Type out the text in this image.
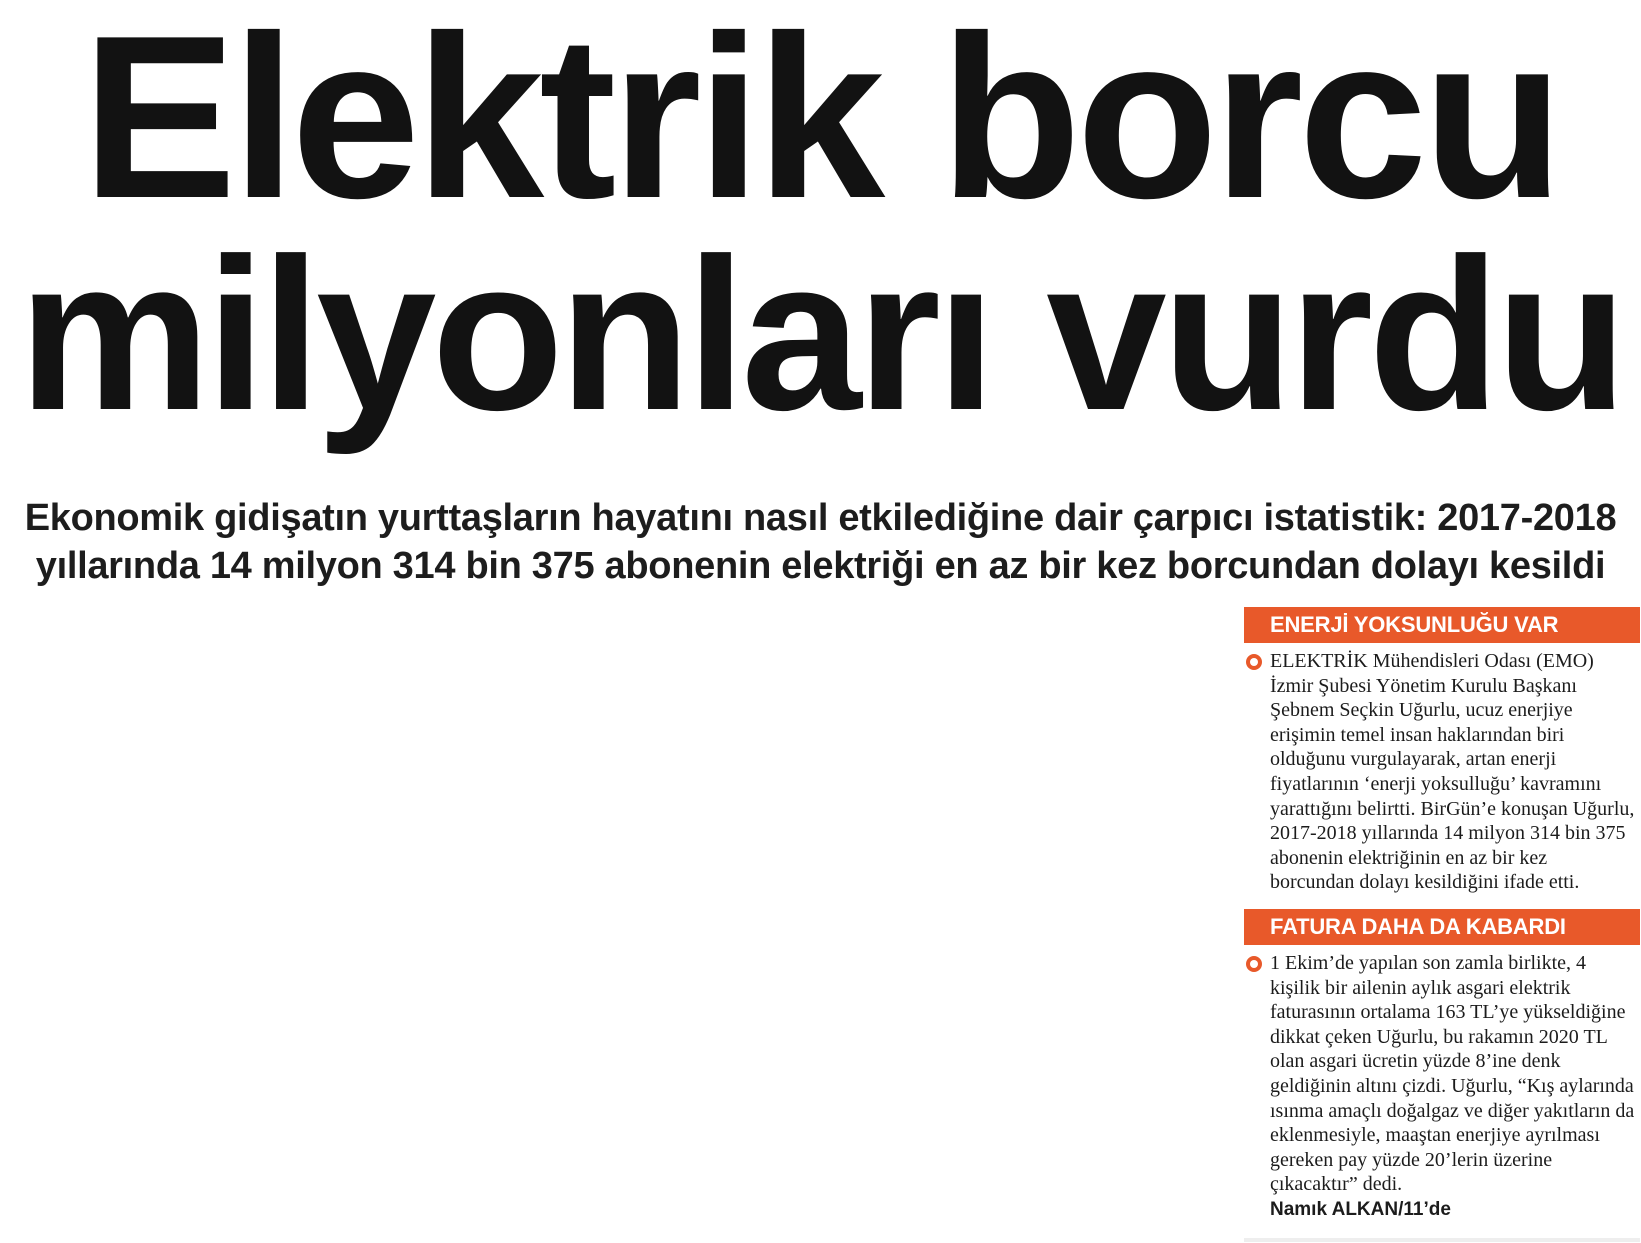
Elektrik borcu
milyonları vurdu

Ekonomik gidişatın yurttaşların hayatını nasıl etkilediğine dair çarpıcı istatistik: 2017-2018 yıllarında 14 milyon 314 bin 375 abonenin elektriği en az bir kez borcundan dolayı kesildi

ENERJİ YOKSUNLUĞU VAR

ELEKTRİK Mühendisleri Odası (EMO) İzmir Şubesi Yönetim Kurulu Başkanı Şebnem Seçkin Uğurlu, ucuz enerjiye erişimin temel insan haklarından biri olduğunu vurgulayarak, artan enerji fiyatlarının ‘enerji yoksulluğu’ kavramını yarattığını belirtti. BirGün’e konuşan Uğurlu, 2017-2018 yıllarında 14 milyon 314 bin 375 abonenin elektriğinin en az bir kez borcundan dolayı kesildiğini ifade etti.

FATURA DAHA DA KABARDI

1 Ekim’de yapılan son zamla birlikte, 4 kişilik bir ailenin aylık asgari elektrik faturasının ortalama 163 TL’ye yükseldiğine dikkat çeken Uğurlu, bu rakamın 2020 TL olan asgari ücretin yüzde 8’ine denk geldiğinin altını çizdi. Uğurlu, “Kış aylarında ısınma amaçlı doğalgaz ve diğer yakıtların da eklenmesiyle, maaştan enerjiye ayrılması gereken pay yüzde 20’lerin üzerine çıkacaktır” dedi.

Namık ALKAN/11’de
